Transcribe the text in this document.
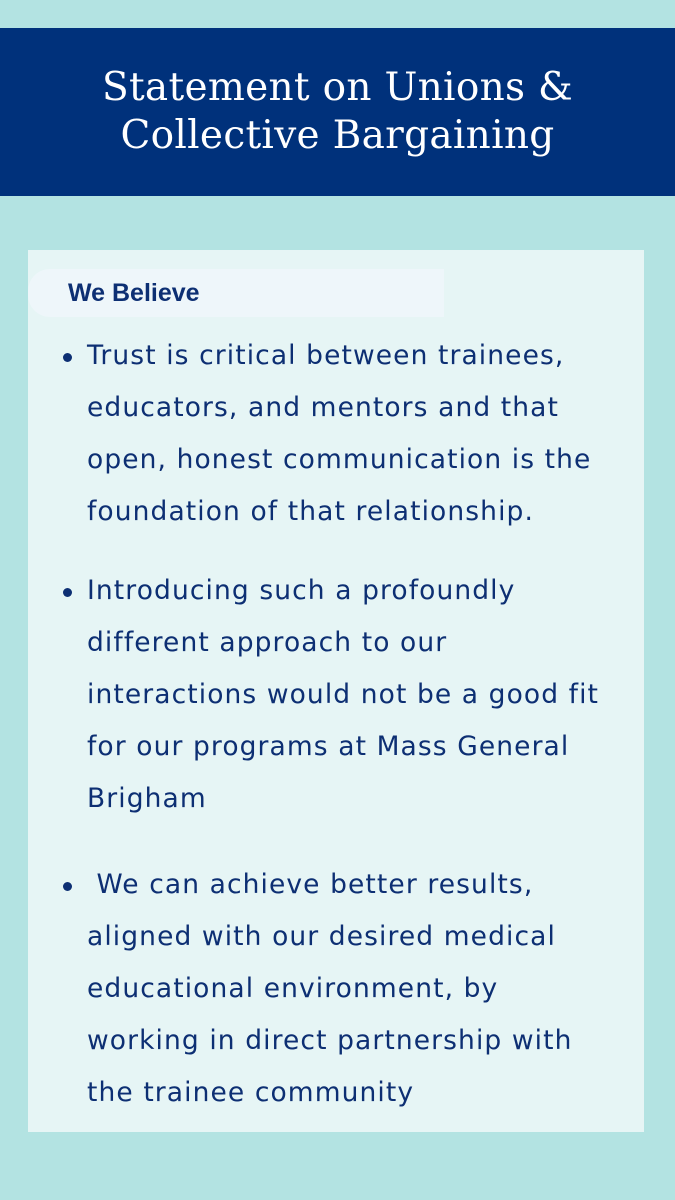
Statement on Unions &
Collective Bargaining
We Believe
Trust is critical between trainees,
educators, and mentors and that
open, honest communication is the
foundation of that relationship.
Introducing such a profoundly
different approach to our
interactions would not be a good fit
for our programs at Mass General
Brigham
We can achieve better results,
aligned with our desired medical
educational environment, by
working in direct partnership with
the trainee community
